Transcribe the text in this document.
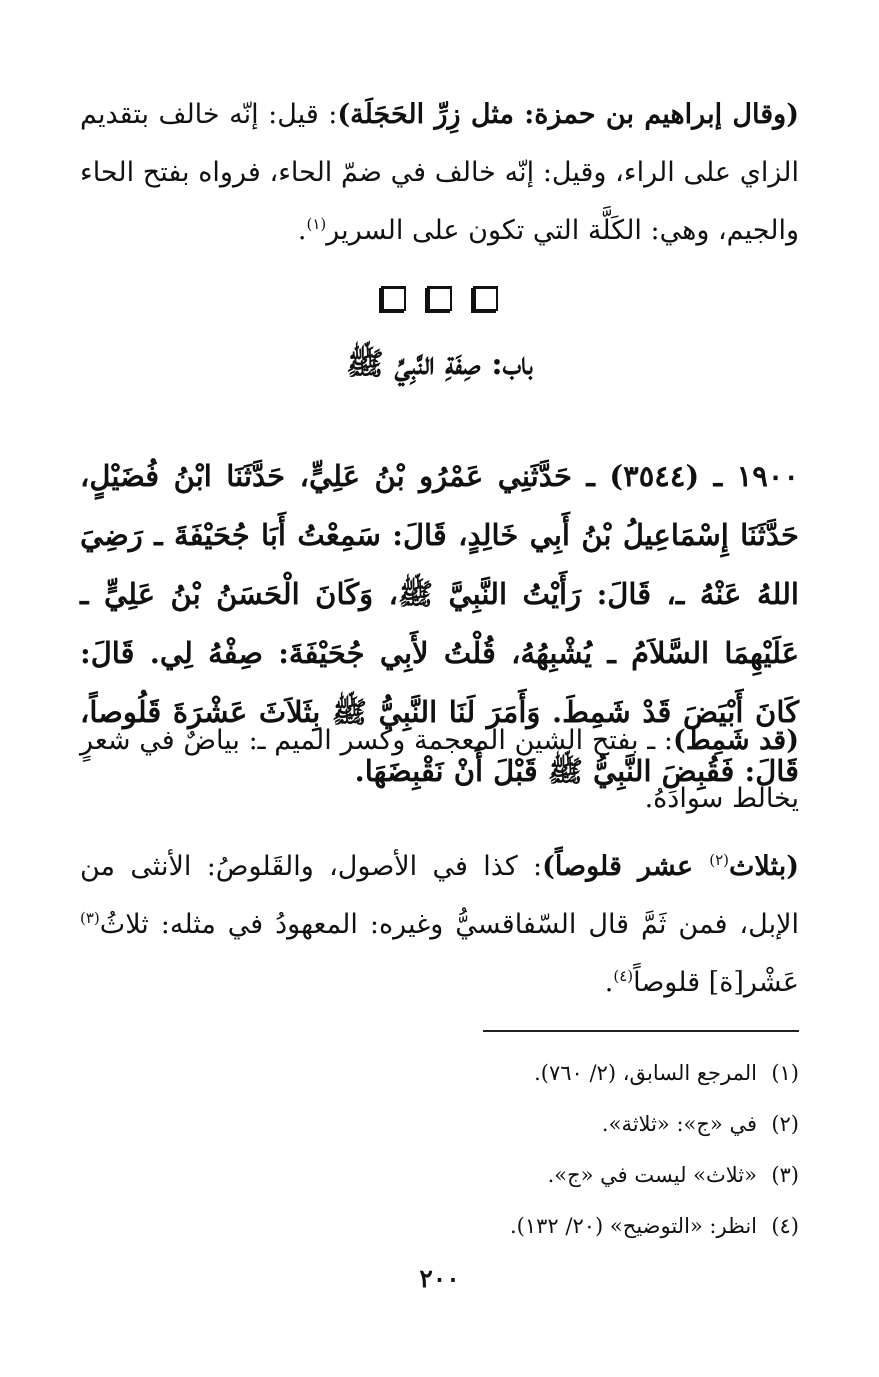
(وقال إبراهيم بن حمزة: مثل زِرِّ الحَجَلَة): قيل: إنّه خالف بتقديم الزاي على الراء، وقيل: إنّه خالف في ضمّ الحاء، فرواه بفتح الحاء والجيم، وهي: الكَلَّة التي تكون على السرير$^{(١)}$.

باب: صِفَةِ النَّبِيِّ ﷺ

١٩٠٠ ـ (٣٥٤٤) ـ حَدَّثَنِي عَمْرُو بْنُ عَلِيٍّ، حَدَّثَنَا ابْنُ فُضَيْلٍ، حَدَّثَنَا إِسْمَاعِيلُ بْنُ أَبِي خَالِدٍ، قَالَ: سَمِعْتُ أَبَا جُحَيْفَةَ ـ رَضِيَ اللهُ عَنْهُ ـ، قَالَ: رَأَيْتُ النَّبِيَّ ﷺ، وَكَانَ الْحَسَنُ بْنُ عَلِيٍّ ـ عَلَيْهِمَا السَّلاَمُ ـ يُشْبِهُهُ، قُلْتُ لأَبِي جُحَيْفَةَ: صِفْهُ لِي. قَالَ: كَانَ أَبْيَضَ قَدْ شَمِطَ. وَأَمَرَ لَنَا النَّبِيُّ ﷺ بِثَلاَثَ عَشْرَةَ قَلُوصاً، قَالَ: فَقُبِضَ النَّبِيُّ ﷺ قَبْلَ أَنْ نَقْبِضَهَا.

(قد شَمِط): ـ بفتح الشين المعجمة وكسر الميم ـ: بياضٌ في شعرٍ يخالط سوادَهُ.

(بثلاث$^{(٢)}$ عشر قلوصاً): كذا في الأصول، والقَلوصُ: الأنثى من الإبل، فمن ثَمَّ قال السّفاقسيُّ وغيره: المعهودُ في مثله: ثلاثُ$^{(٣)}$ عَشْر[ة] قلوصاً$^{(٤)}$.

(١)المرجع السابق، (٢/ ٧٦٠).

(٢)في «ج»: «ثلاثة».

(٣)«ثلاث» ليست في «ج».

(٤)انظر: «التوضيح» (٢٠/ ١٣٢).

٢٠٠
